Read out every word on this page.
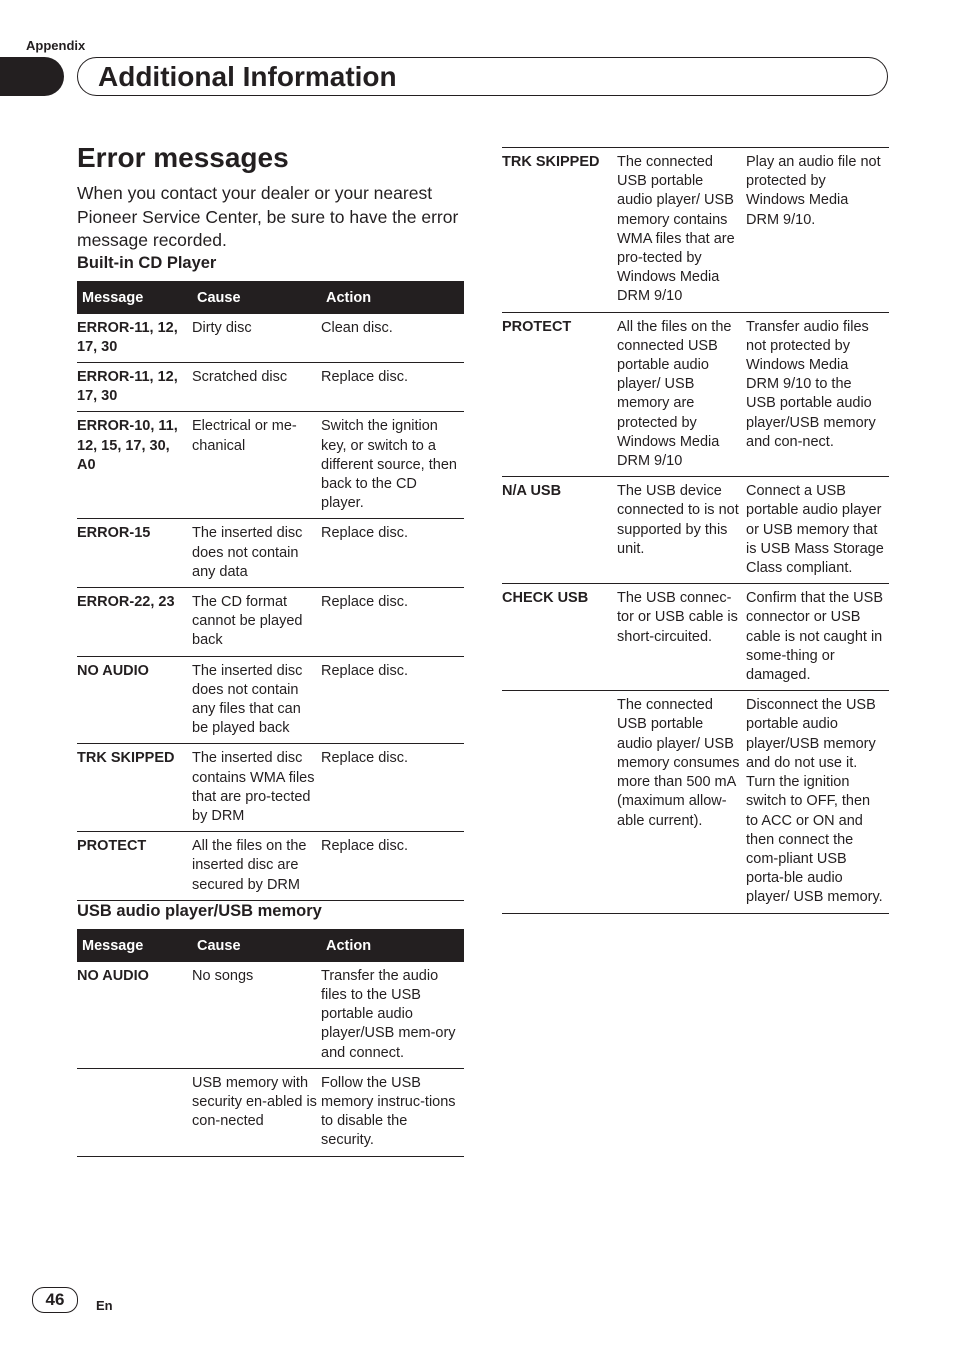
Appendix
Additional Information
Error messages

When you contact your dealer or your nearest Pioneer Service Center, be sure to have the error message recorded.

Built-in CD Player
Message	Cause	Action
ERROR-11, 12, 17, 30	Dirty disc	Clean disc.
ERROR-11, 12, 17, 30	Scratched disc	Replace disc.
ERROR-10, 11, 12, 15, 17, 30, A0	Electrical or me-chanical	Switch the ignition key, or switch to a different source, then back to the CD player.
ERROR-15	The inserted disc does not contain any data	Replace disc.
ERROR-22, 23	The CD format cannot be played back	Replace disc.
NO AUDIO	The inserted disc does not contain any files that can be played back	Replace disc.
TRK SKIPPED	The inserted disc contains WMA files that are pro-tected by DRM	Replace disc.
PROTECT	All the files on the inserted disc are secured by DRM	Replace disc.
USB audio player/USB memory
Message	Cause	Action
NO AUDIO	No songs	Transfer the audio files to the USB portable audio player/USB mem-ory and connect.
	USB memory with security en-abled is con-nected	Follow the USB memory instruc-tions to disable the security.
TRK SKIPPED	The connected USB portable audio player/ USB memory contains WMA files that are pro-tected by Windows Media DRM 9/10	Play an audio file not protected by Windows Media DRM 9/10.
PROTECT	All the files on the connected USB portable audio player/ USB memory are protected by Windows Media DRM 9/10	Transfer audio files not protected by Windows Media DRM 9/10 to the USB portable audio player/USB memory and con-nect.
N/A USB	The USB device connected to is not supported by this unit.	Connect a USB portable audio player or USB memory that is USB Mass Storage Class compliant.
CHECK USB	The USB connec-tor or USB cable is short-circuited.	Confirm that the USB connector or USB cable is not caught in some-thing or damaged.
	The connected USB portable audio player/ USB memory consumes more than 500 mA (maximum allow-able current).	Disconnect the USB portable audio player/USB memory and do not use it. Turn the ignition switch to OFF, then to ACC or ON and then connect the com-pliant USB porta-ble audio player/ USB memory.
46	En
